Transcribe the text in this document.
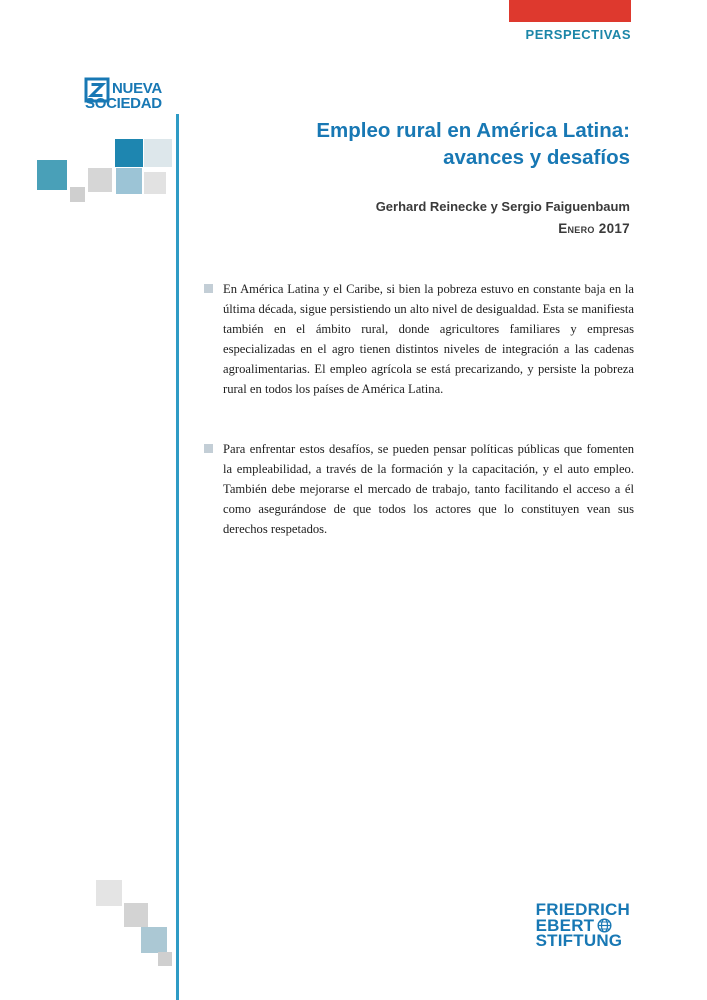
PERSPECTIVAS
NUEVA
SOCIEDAD
Empleo rural en América Latina:
avances y desafíos
Gerhard Reinecke y Sergio Faiguenbaum
Enero 2017

En América Latina y el Caribe, si bien la pobreza estuvo en constante baja en la última década, sigue persistiendo un alto nivel de desigualdad. Esta se manifiesta también en el ámbito rural, donde agricultores familiares y empresas especializadas en el agro tienen distintos niveles de integración a las cadenas agroalimentarias. El empleo agrícola se está precarizando, y persiste la pobreza rural en todos los países de América Latina.

Para enfrentar estos desafíos, se pueden pensar políticas públicas que fomenten la empleabilidad, a través de la formación y la capacitación, y el auto empleo. También debe mejorarse el mercado de trabajo, tanto facilitando el acceso a él como asegurándose de que todos los actores que lo constituyen vean sus derechos respetados.

FRIEDRICH
EBERT
STIFTUNG
